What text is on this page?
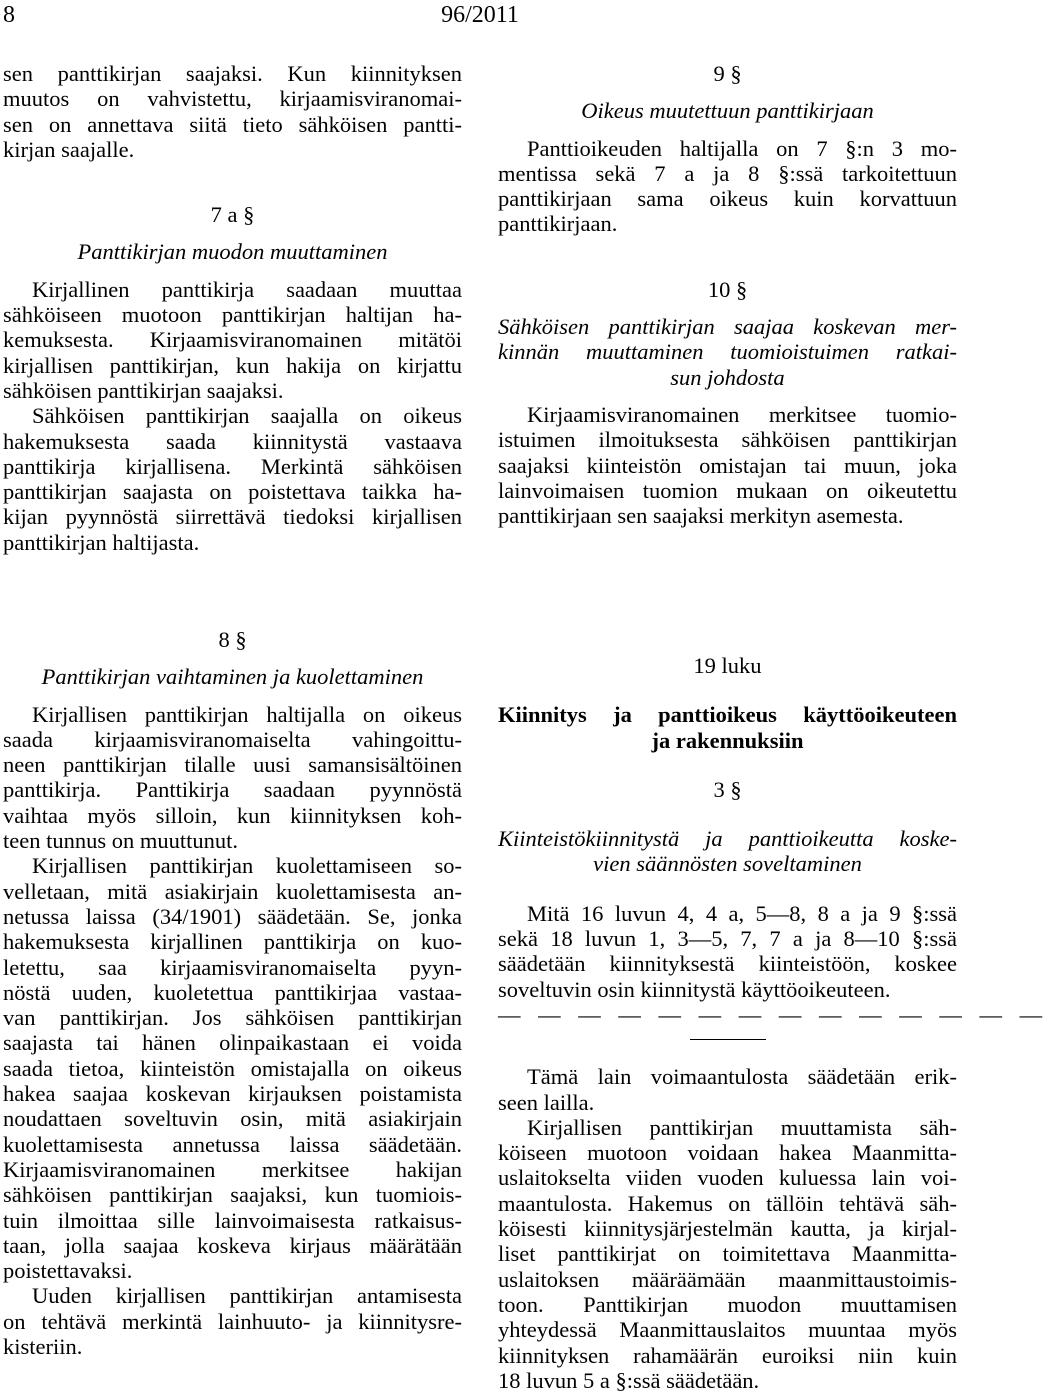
96/2011
8
sen panttikirjan saajaksi. Kun kiinnityksen
muutos on vahvistettu, kirjaamisviranomai-
sen on annettava siitä tieto sähköisen pantti-
kirjan saajalle.
7 a §
Panttikirjan muodon muuttaminen
Kirjallinen panttikirja saadaan muuttaa
sähköiseen muotoon panttikirjan haltijan ha-
kemuksesta. Kirjaamisviranomainen mitätöi
kirjallisen panttikirjan, kun hakija on kirjattu
sähköisen panttikirjan saajaksi.
Sähköisen panttikirjan saajalla on oikeus
hakemuksesta saada kiinnitystä vastaava
panttikirja kirjallisena. Merkintä sähköisen
panttikirjan saajasta on poistettava taikka ha-
kijan pyynnöstä siirrettävä tiedoksi kirjallisen
panttikirjan haltijasta.
9 §
Oikeus muutettuun panttikirjaan
Panttioikeuden haltijalla on 7 §:n 3 mo-
mentissa sekä 7 a ja 8 §:ssä tarkoitettuun
panttikirjaan sama oikeus kuin korvattuun
panttikirjaan.
10 §
Sähköisen panttikirjan saajaa koskevan mer-
kinnän muuttaminen tuomioistuimen ratkai-
sun johdosta
Kirjaamisviranomainen merkitsee tuomio-
istuimen ilmoituksesta sähköisen panttikirjan
saajaksi kiinteistön omistajan tai muun, joka
lainvoimaisen tuomion mukaan on oikeutettu
panttikirjaan sen saajaksi merkityn asemesta.
8 §
Panttikirjan vaihtaminen ja kuolettaminen
Kirjallisen panttikirjan haltijalla on oikeus
saada kirjaamisviranomaiselta vahingoittu-
neen panttikirjan tilalle uusi samansisältöinen
panttikirja. Panttikirja saadaan pyynnöstä
vaihtaa myös silloin, kun kiinnityksen koh-
teen tunnus on muuttunut.
Kirjallisen panttikirjan kuolettamiseen so-
velletaan, mitä asiakirjain kuolettamisesta an-
netussa laissa (34/1901) säädetään. Se, jonka
hakemuksesta kirjallinen panttikirja on kuo-
letettu, saa kirjaamisviranomaiselta pyyn-
nöstä uuden, kuoletettua panttikirjaa vastaa-
van panttikirjan. Jos sähköisen panttikirjan
saajasta tai hänen olinpaikastaan ei voida
saada tietoa, kiinteistön omistajalla on oikeus
hakea saajaa koskevan kirjauksen poistamista
noudattaen soveltuvin osin, mitä asiakirjain
kuolettamisesta annetussa laissa säädetään.
Kirjaamisviranomainen merkitsee hakijan
sähköisen panttikirjan saajaksi, kun tuomiois-
tuin ilmoittaa sille lainvoimaisesta ratkaisus-
taan, jolla saajaa koskeva kirjaus määrätään
poistettavaksi.
Uuden kirjallisen panttikirjan antamisesta
on tehtävä merkintä lainhuuto- ja kiinnitysre-
kisteriin.
19 luku
Kiinnitys ja panttioikeus käyttöoikeuteen
ja rakennuksiin
3 §
Kiinteistökiinnitystä ja panttioikeutta koske-
vien säännösten soveltaminen
Mitä 16 luvun 4, 4 a, 5—8, 8 a ja 9 §:ssä
sekä 18 luvun 1, 3—5, 7, 7 a ja 8—10 §:ssä
säädetään kiinnityksestä kiinteistöön, koskee
soveltuvin osin kiinnitystä käyttöoikeuteen.
— — — — — — — — — — — — — —
Tämä lain voimaantulosta säädetään erik-
seen lailla.
Kirjallisen panttikirjan muuttamista säh-
köiseen muotoon voidaan hakea Maanmitta-
uslaitokselta viiden vuoden kuluessa lain voi-
maantulosta. Hakemus on tällöin tehtävä säh-
köisesti kiinnitysjärjestelmän kautta, ja kirjal-
liset panttikirjat on toimitettava Maanmitta-
uslaitoksen määräämään maanmittaustoimis-
toon. Panttikirjan muodon muuttamisen
yhteydessä Maanmittauslaitos muuntaa myös
kiinnityksen rahamäärän euroiksi niin kuin
18 luvun 5 a §:ssä säädetään.
